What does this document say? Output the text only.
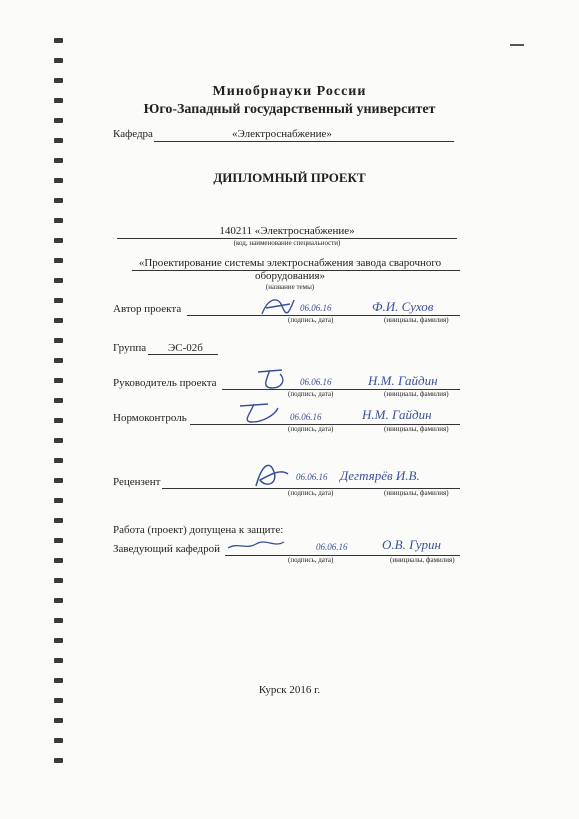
Минобрнауки России
Юго-Западный государственный университет
Кафедра	«Электроснабжение»
ДИПЛОМНЫЙ ПРОЕКТ
140211 «Электроснабжение»
(код, наименование специальности)
«Проектирование системы электроснабжения завода сварочного
оборудования»
(название темы)
Автор проекта	06.06.16	Ф.И. Сухов
(подпись, дата)	(инициалы, фамилия)
Группа ЭС-02б
Руководитель проекта	06.06.16	Н.М. Гайдин
(подпись, дата)	(инициалы, фамилия)
Нормоконтроль	06.06.16	Н.М. Гайдин
(подпись, дата)	(инициалы, фамилия)
Рецензент	06.06.16 Дегтярёв И.В.
(подпись, дата)	(инициалы, фамилия)
Работа (проект) допущена к защите:
Заведующий кафедрой	06.06.16	О.В. Гурин
(подпись, дата)	(инициалы, фамилия)
Курск 2016 г.
